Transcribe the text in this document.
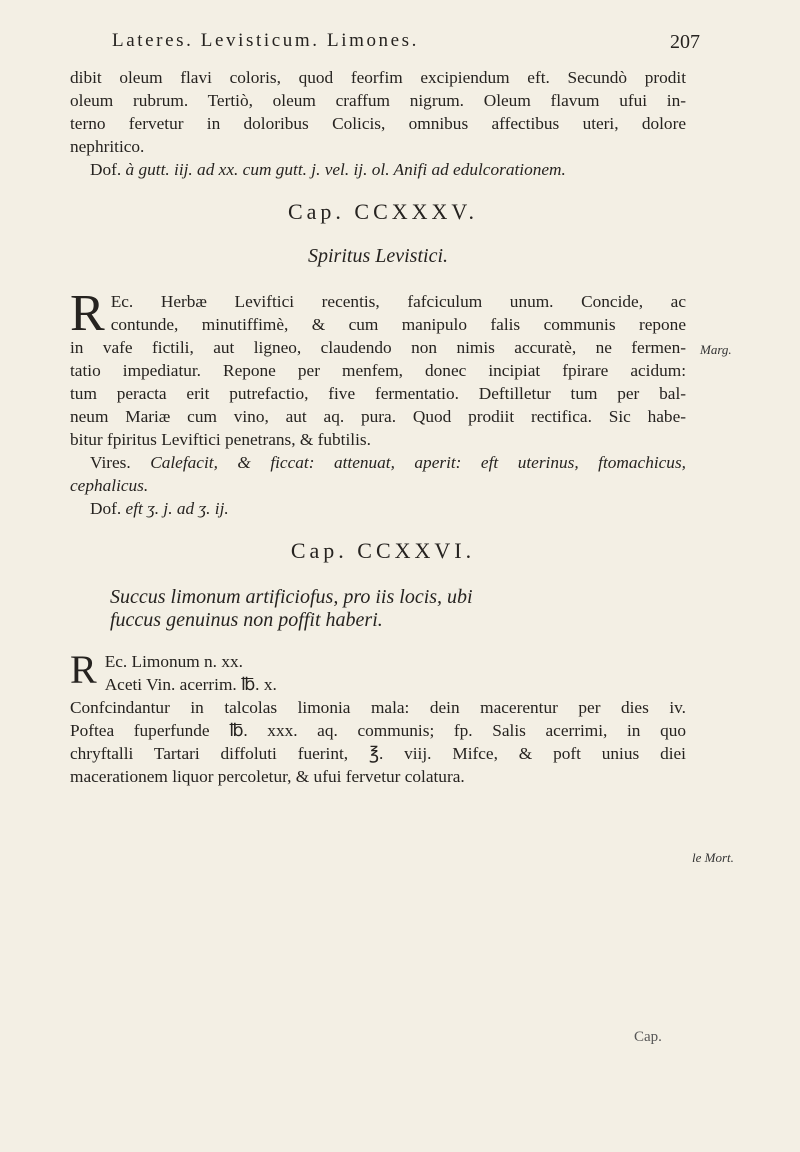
Lateres. Levisticum. Limones.	207
dibit oleum flavi coloris, quod feorfim excipiendum eft. Secundò prodit
oleum rubrum. Tertiò, oleum craffum nigrum. Oleum flavum ufui in-
terno fervetur in doloribus Colicis, omnibus affectibus uteri, dolore
nephritico.
Dof. à gutt. iij. ad xx. cum gutt. j. vel. ij. ol. Anifi ad edulcorationem.
Cap. CCXXXV.
Spiritus Levistici.
R Ec. Herbæ Leviftici recentis, fafciculum unum. Concide, ac
contunde, minutiffimè, & cum manipulo falis communis repone
in vafe fictili, aut ligneo, claudendo non nimis accuratè, ne fermen-
tatio impediatur. Repone per menfem, donec incipiat fpirare acidum:
tum peracta erit putrefactio, five fermentatio. Deftilletur tum per bal-
neum Mariæ cum vino, aut aq. pura. Quod prodiit rectifica. Sic habe-
bitur fpiritus Leviftici penetrans, & fubtilis.
Vires. Calefacit, & ficcat: attenuat, aperit: eft uterinus, ftomachicus,
cephalicus.
Dof. eft ʒ. j. ad ʒ. ij.
Cap. CCXXVI.
Succus limonum artificiofus, pro iis locis, ubi
fuccus genuinus non poffit haberi.
R Ec. Limonum n. xx.
Aceti Vin. acerrim. ℔. x.
Confcindantur in talcolas limonia mala: dein macerentur per dies iv.
Poftea fuperfunde ℔. xxx. aq. communis; fp. Salis acerrimi, in quo
chryftalli Tartari diffoluti fuerint, ℥. viij. Mifce, & poft unius diei
macerationem liquor percoletur, & ufui fervetur colatura.
Marg.
le Mort.
Cap.
